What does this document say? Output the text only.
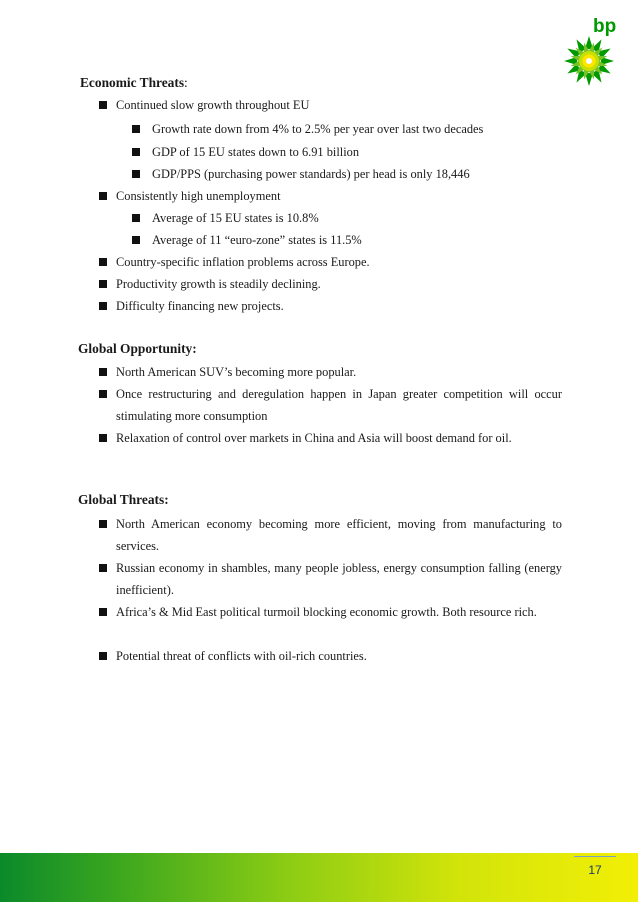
bp
Economic Threats:
Continued slow growth throughout EU
Growth rate down from 4% to 2.5% per year over last two decades
GDP of 15 EU states down to 6.91 billion
GDP/PPS (purchasing power standards) per head is only 18,446
Consistently high unemployment
Average of 15 EU states is 10.8%
Average of 11 “euro-zone” states is 11.5%
Country-specific inflation problems across Europe.
Productivity growth is steadily declining.
Difficulty financing new projects.
Global Opportunity:
North American SUV’s becoming more popular.
Once restructuring and deregulation happen in Japan greater competition will occur stimulating more consumption
Relaxation of control over markets in China and Asia will boost demand for oil.
Global Threats:
North American economy becoming more efficient, moving from manufacturing to services.
Russian economy in shambles, many people jobless, energy consumption falling (energy inefficient).
Africa’s & Mid East political turmoil blocking economic growth. Both resource rich.
Potential threat of conflicts with oil-rich countries.
17
